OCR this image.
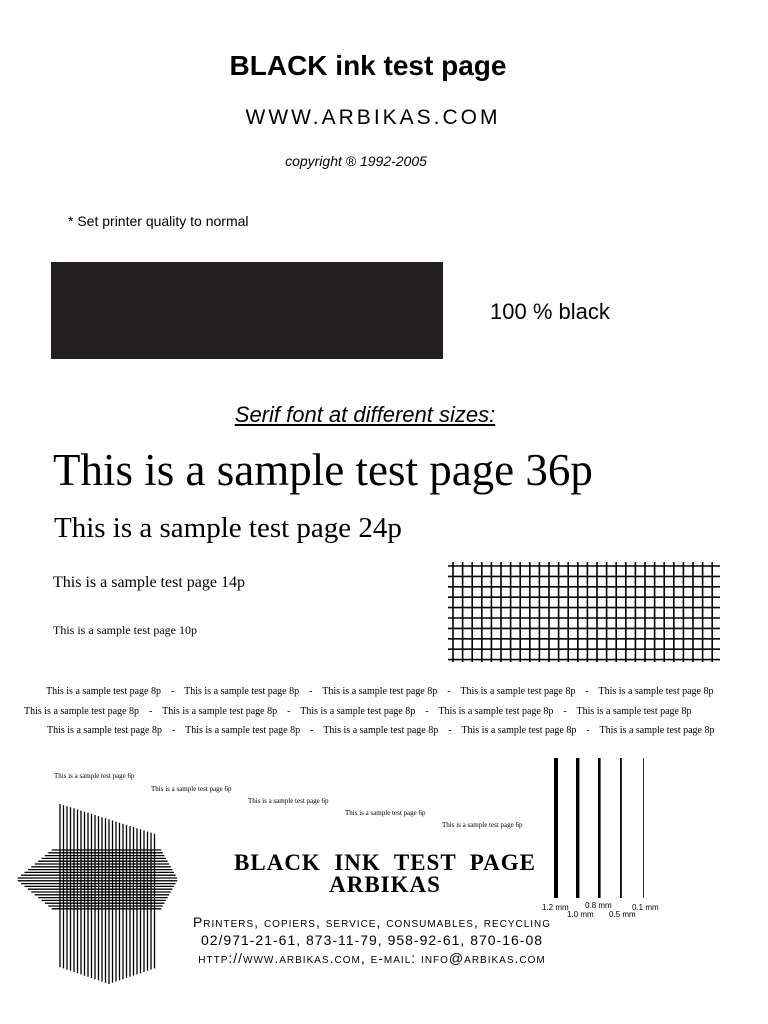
BLACK ink test page
WWW.ARBIKAS.COM
copyright ® 1992-2005
* Set printer quality to normal
100 % black
Serif font at different sizes:
This is a sample test page 36p
This is a sample test page 24p
This is a sample test page 14p
This is a sample test page 10p
This is a sample test page 8p    -    This is a sample test page 8p    -    This is a sample test page 8p    -    This is a sample test page 8p    -    This is a sample test page 8p
This is a sample test page 8p    -    This is a sample test page 8p    -    This is a sample test page 8p    -    This is a sample test page 8p    -    This is a sample test page 8p
This is a sample test page 8p    -    This is a sample test page 8p    -    This is a sample test page 8p    -    This is a sample test page 8p    -    This is a sample test page 8p
This is a sample test page 6p
This is a sample test page 6p
This is a sample test page 6p
This is a sample test page 6p
This is a sample test page 6p
1.2 mm
1.0 mm
0.8 mm
0.5 mm
0.1 mm
BLACK  INK  TEST  PAGE
ARBIKAS
Printers, copiers, service, consumables, recycling
02/971-21-61, 873-11-79, 958-92-61, 870-16-08
http://www.arbikas.com, e-mail: info@arbikas.com
